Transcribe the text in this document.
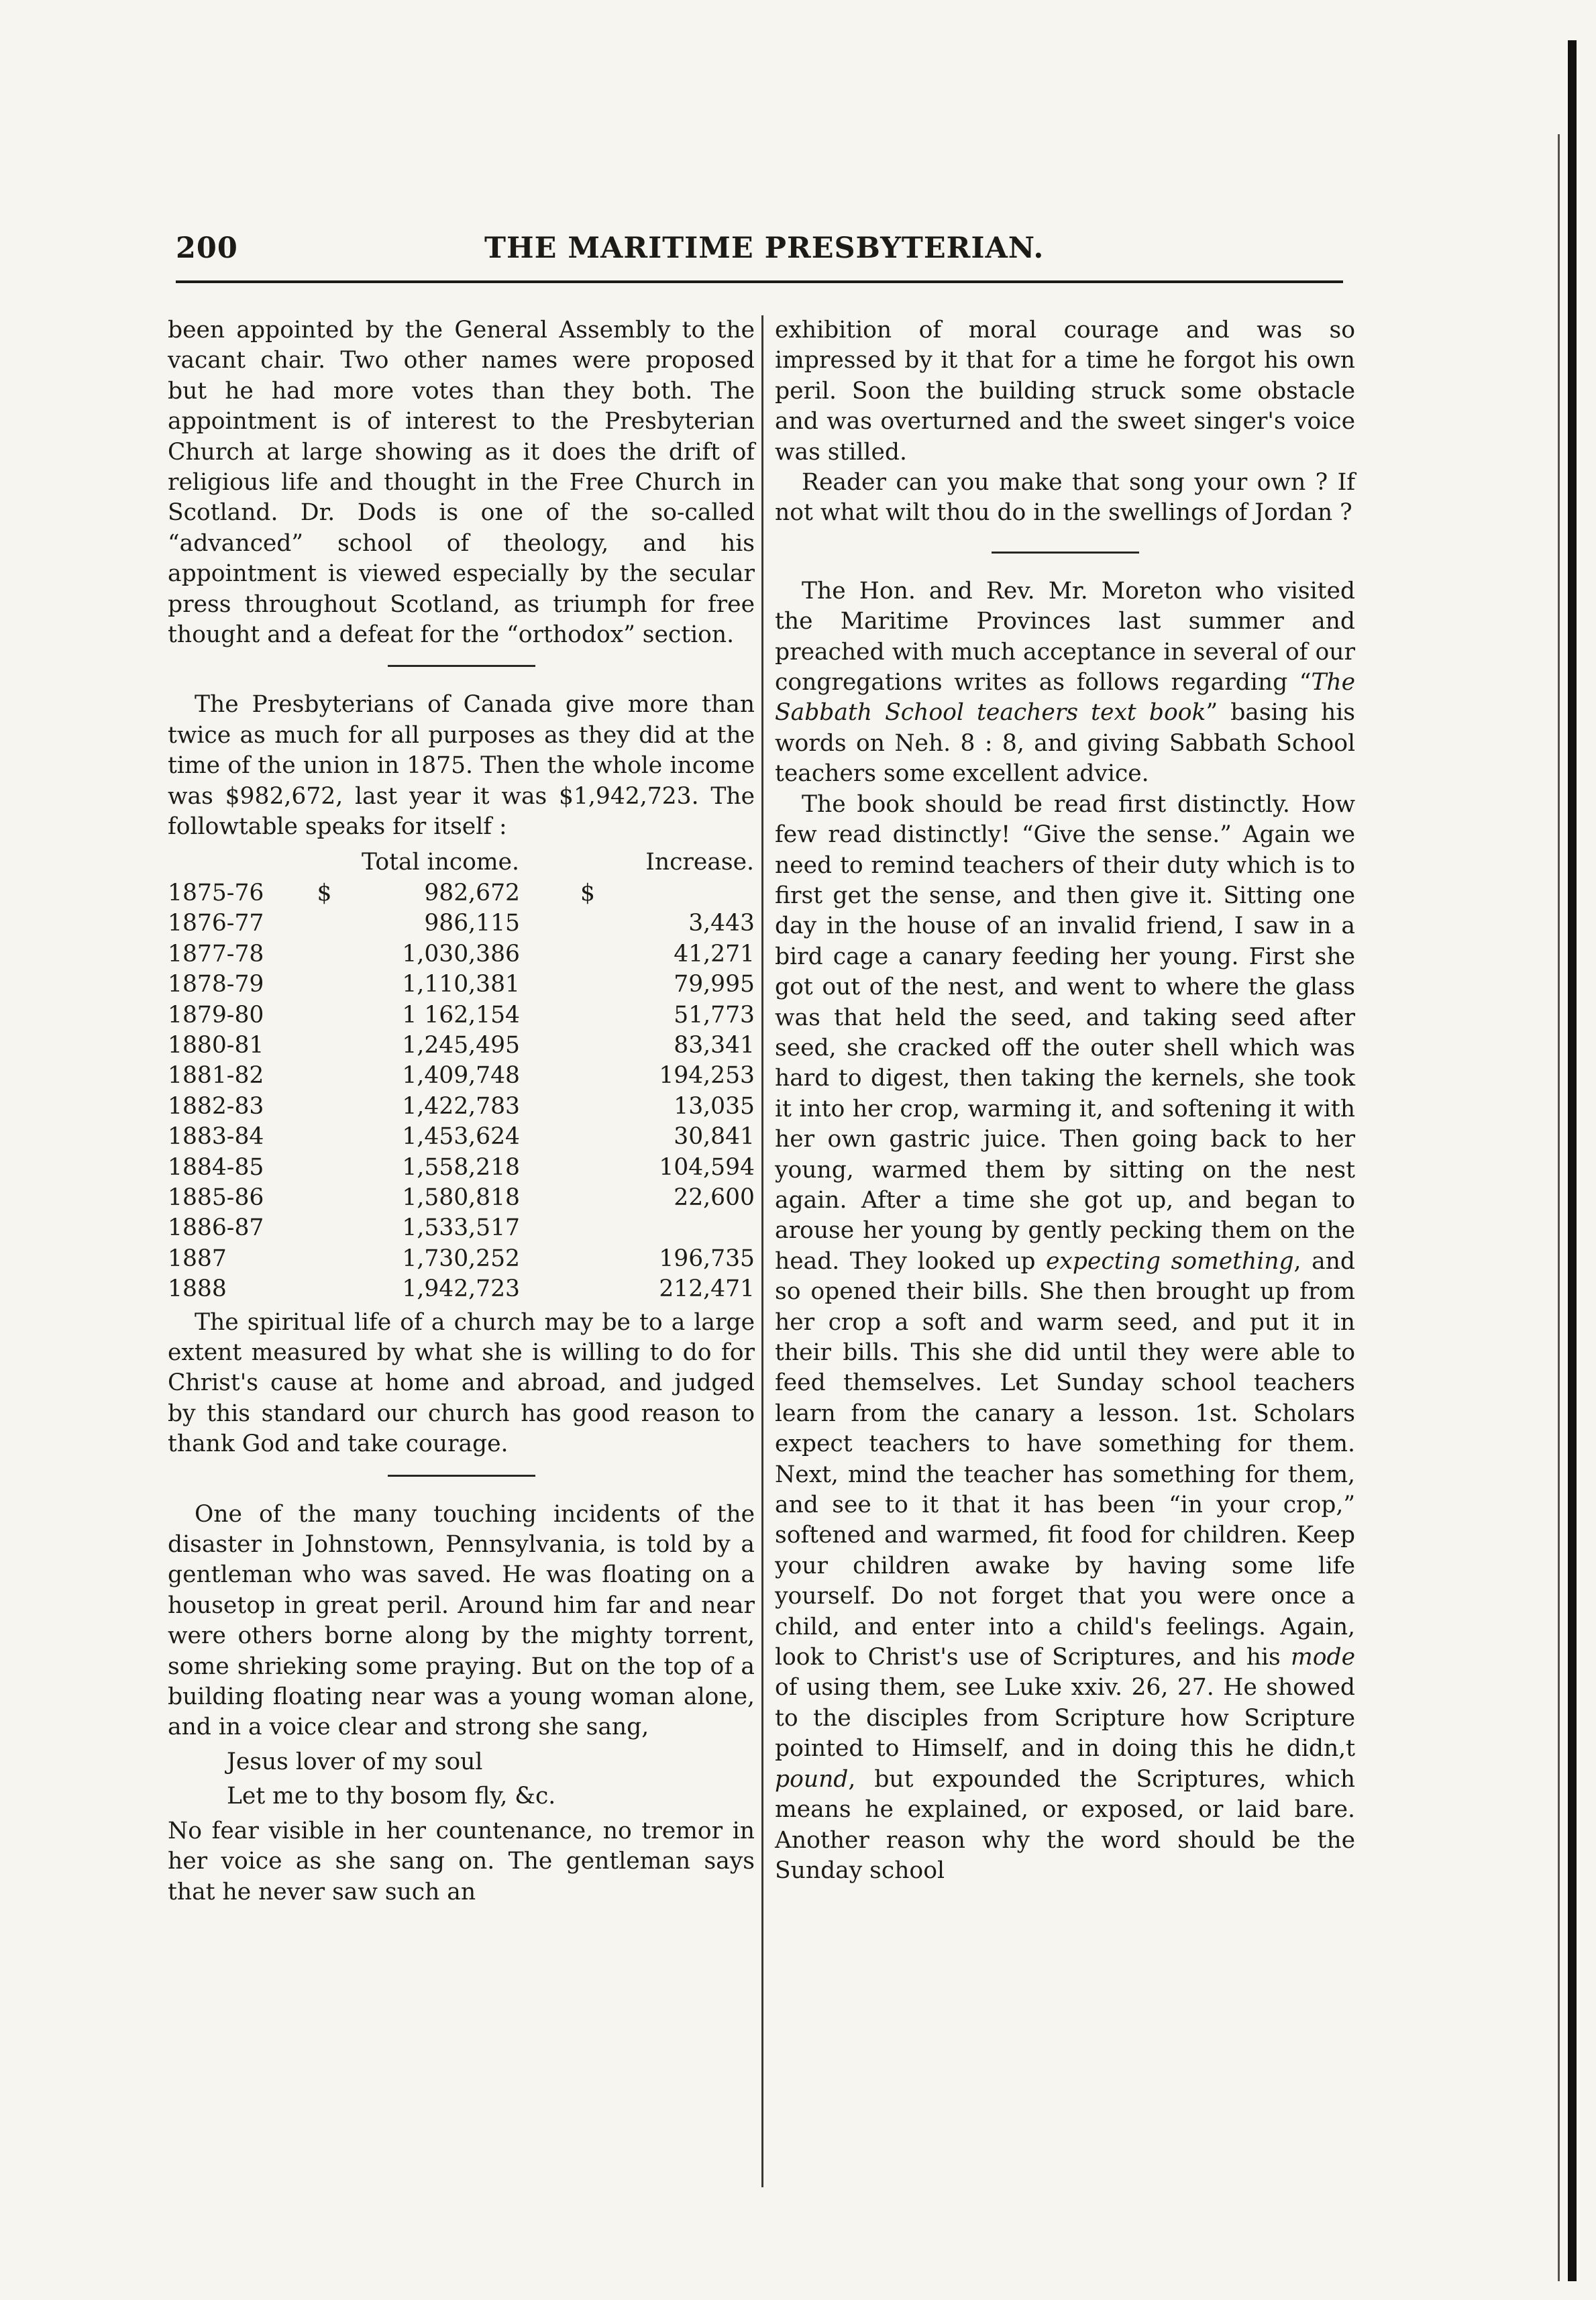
200	THE MARITIME PRESBYTERIAN.

been appointed by the General Assembly to the vacant chair. Two other names were proposed but he had more votes than they both. The appointment is of interest to the Presbyterian Church at large showing as it does the drift of religious life and thought in the Free Church in Scotland. Dr. Dods is one of the so-called “advanced” school of theology, and his appointment is viewed especially by the secular press throughout Scotland, as triumph for free thought and a defeat for the “orthodox” section.

The Presbyterians of Canada give more than twice as much for all purposes as they did at the time of the union in 1875. Then the whole income was $982,672, last year it was $1,942,723. The followtable speaks for itself :

	Total income.	Increase.
1875-76	$ 982,672	$

1876-77	986,115	3,443
1877-78	1,030,386	41,271
1878-79	1,110,381	79,995
1879-80	1 162,154	51,773
1880-81	1,245,495	83,341
1881-82	1,409,748	194,253
1882-83	1,422,783	13,035
1883-84	1,453,624	30,841
1884-85	1,558,218	104,594
1885-86	1,580,818	22,600
1886-87	1,533,517	
1887	1,730,252	196,735
1888	1,942,723	212,471

The spiritual life of a church may be to a large extent measured by what she is willing to do for Christ's cause at home and abroad, and judged by this standard our church has good reason to thank God and take courage.

One of the many touching incidents of the disaster in Johnstown, Pennsylvania, is told by a gentleman who was saved. He was floating on a housetop in great peril. Around him far and near were others borne along by the mighty torrent, some shrieking some praying. But on the top of a building floating near was a young woman alone, and in a voice clear and strong she sang,

Jesus lover of my soul
Let me to thy bosom fly, &c.

No fear visible in her countenance, no tremor in her voice as she sang on. The gentleman says that he never saw such an

exhibition of moral courage and was so impressed by it that for a time he forgot his own peril. Soon the building struck some obstacle and was overturned and the sweet singer's voice was stilled.

Reader can you make that song your own ? If not what wilt thou do in the swellings of Jordan ?

The Hon. and Rev. Mr. Moreton who visited the Maritime Provinces last summer and preached with much acceptance in several of our congregations writes as follows regarding “The Sabbath School teachers text book” basing his words on Neh. 8 : 8, and giving Sabbath School teachers some excellent advice.

The book should be read first distinctly. How few read distinctly! “Give the sense.” Again we need to remind teachers of their duty which is to first get the sense, and then give it. Sitting one day in the house of an invalid friend, I saw in a bird cage a canary feeding her young. First she got out of the nest, and went to where the glass was that held the seed, and taking seed after seed, she cracked off the outer shell which was hard to digest, then taking the kernels, she took it into her crop, warming it, and softening it with her own gastric juice. Then going back to her young, warmed them by sitting on the nest again. After a time she got up, and began to arouse her young by gently pecking them on the head. They looked up expecting something, and so opened their bills. She then brought up from her crop a soft and warm seed, and put it in their bills. This she did until they were able to feed themselves. Let Sunday school teachers learn from the canary a lesson. 1st. Scholars expect teachers to have something for them. Next, mind the teacher has something for them, and see to it that it has been “in your crop,” softened and warmed, fit food for children. Keep your children awake by having some life yourself. Do not forget that you were once a child, and enter into a child's feelings. Again, look to Christ's use of Scriptures, and his mode of using them, see Luke xxiv. 26, 27. He showed to the disciples from Scripture how Scripture pointed to Himself, and in doing this he didn,t pound, but expounded the Scriptures, which means he explained, or exposed, or laid bare. Another reason why the word should be the Sunday school
